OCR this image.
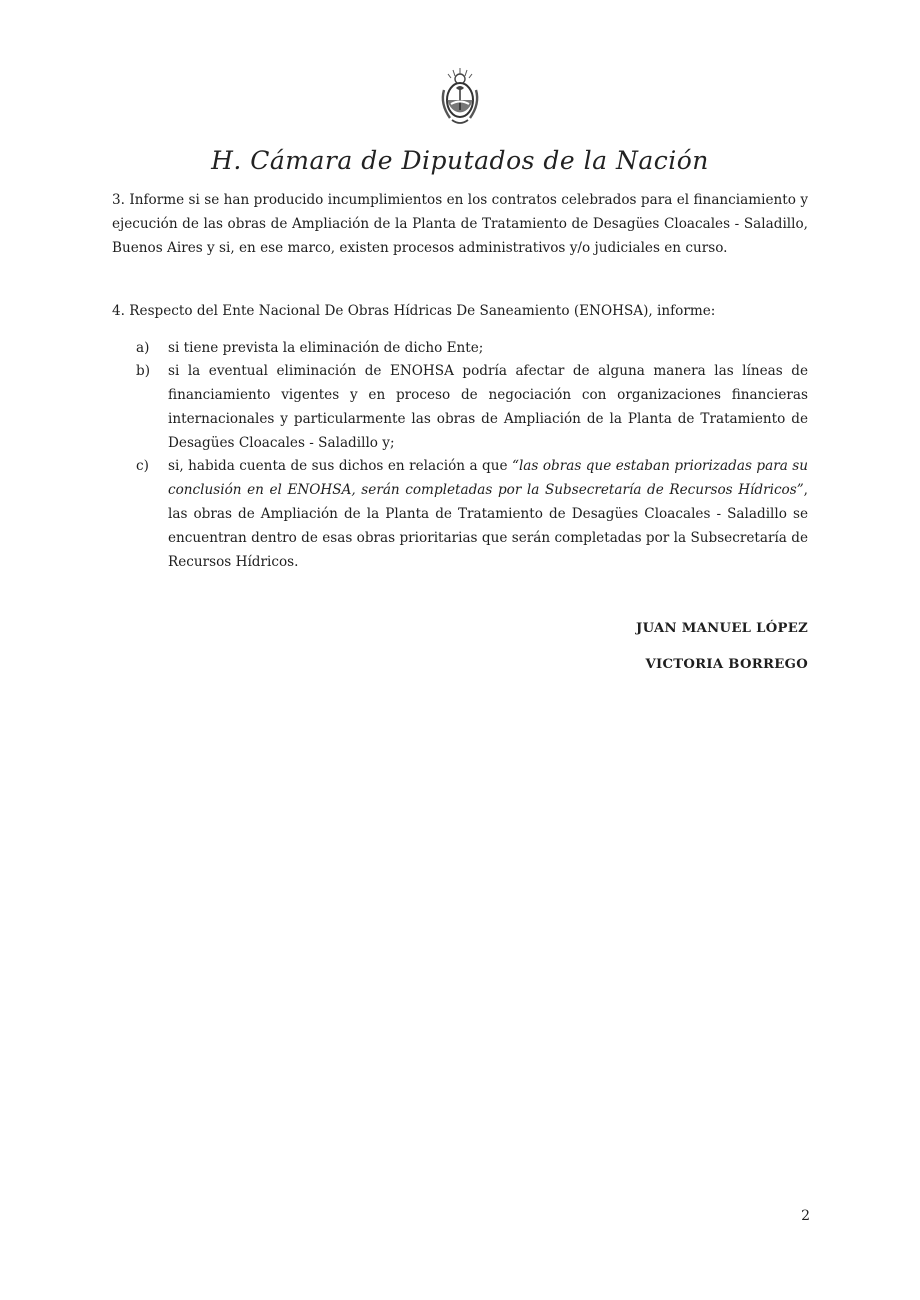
H. Cámara de Diputados de la Nación
3. Informe si se han producido incumplimientos en los contratos celebrados para el financiamiento y ejecución de las obras de Ampliación de la Planta de Tratamiento de Desagües Cloacales - Saladillo, Buenos Aires y si, en ese marco, existen procesos administrativos y/o judiciales en curso.
4. Respecto del Ente Nacional De Obras Hídricas De Saneamiento (ENOHSA), informe:
a)	si tiene prevista la eliminación de dicho Ente;
b)	si la eventual eliminación de ENOHSA podría afectar de alguna manera las líneas de financiamiento vigentes y en proceso de negociación con organizaciones financieras internacionales y particularmente las obras de Ampliación de la Planta de Tratamiento de Desagües Cloacales - Saladillo y;
c)	si, habida cuenta de sus dichos en relación a que “las obras que estaban priorizadas para su conclusión en el ENOHSA, serán completadas por la Subsecretaría de Recursos Hídricos”, las obras de Ampliación de la Planta de Tratamiento de Desagües Cloacales - Saladillo se encuentran dentro de esas obras prioritarias que serán completadas por la Subsecretaría de Recursos Hídricos.
JUAN MANUEL LÓPEZ
VICTORIA BORREGO
2
